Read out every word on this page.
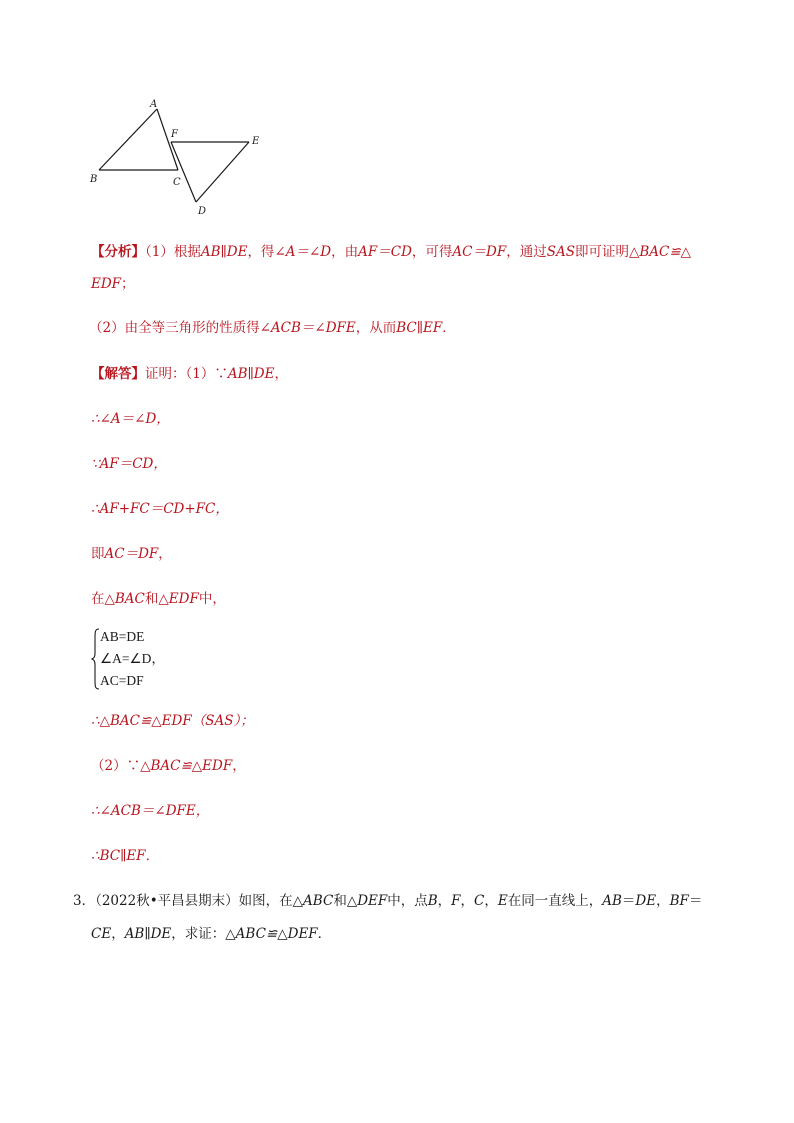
A
F
E
B	C
D
【分析】（1）根据AB∥DE，得∠A＝∠D，由AF＝CD，可得AC＝DF，通过SAS即可证明△BAC≌△
EDF；
（2）由全等三角形的性质得∠ACB＝∠DFE，从而BC∥EF．
【解答】证明：（1）∵AB∥DE，
∴∠A＝∠D，
∵AF＝CD，
∴AF+FC＝CD+FC，
即AC＝DF，
在△BAC和△EDF中，
AB=DE
∠A=∠D，
AC=DF
∴△BAC≌△EDF（SAS）；
（2）∵△BAC≌△EDF，
∴∠ACB＝∠DFE，
∴BC∥EF．
3．（2022秋•平昌县期末）如图，在△ABC和△DEF中，点B，F，C，E在同一直线上，AB＝DE，BF＝
CE，AB∥DE，求证：△ABC≌△DEF．
